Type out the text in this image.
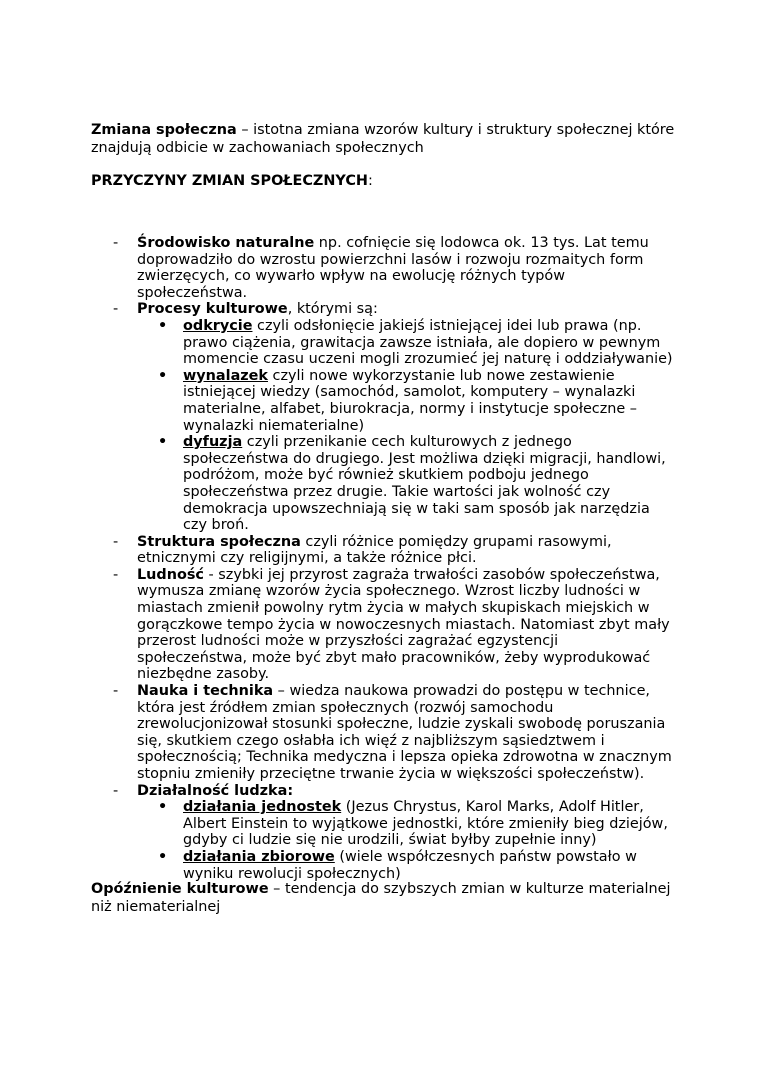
Zmiana społeczna – istotna zmiana wzorów kultury i struktury społecznej które znajdują odbicie w zachowaniach społecznych

PRZYCZYNY ZMIAN SPOŁECZNYCH:

- Środowisko naturalne np. cofnięcie się lodowca ok. 13 tys. Lat temu doprowadziło do wzrostu powierzchni lasów i rozwoju rozmaitych form zwierzęcych, co wywarło wpływ na ewolucję różnych typów społeczeństwa.
- Procesy kulturowe, którymi są:
• odkrycie czyli odsłonięcie jakiejś istniejącej idei lub prawa (np. prawo ciążenia, grawitacja zawsze istniała, ale dopiero w pewnym momencie czasu uczeni mogli zrozumieć jej naturę i oddziaływanie)
• wynalazek czyli nowe wykorzystanie lub nowe zestawienie istniejącej wiedzy (samochód, samolot, komputery – wynalazki materialne, alfabet, biurokracja, normy i instytucje społeczne – wynalazki niematerialne)
• dyfuzja czyli przenikanie cech kulturowych z jednego społeczeństwa do drugiego. Jest możliwa dzięki migracji, handlowi, podróżom, może być również skutkiem podboju jednego społeczeństwa przez drugie. Takie wartości jak wolność czy demokracja upowszechniają się w taki sam sposób jak narzędzia czy broń.
- Struktura społeczna czyli różnice pomiędzy grupami rasowymi, etnicznymi czy religijnymi, a także różnice płci.
- Ludność - szybki jej przyrost zagraża trwałości zasobów społeczeństwa, wymusza zmianę wzorów życia społecznego. Wzrost liczby ludności w miastach zmienił powolny rytm życia w małych skupiskach miejskich w gorączkowe tempo życia w nowoczesnych miastach. Natomiast zbyt mały przerost ludności może w przyszłości zagrażać egzystencji społeczeństwa, może być zbyt mało pracowników, żeby wyprodukować niezbędne zasoby.
- Nauka i technika – wiedza naukowa prowadzi do postępu w technice, która jest źródłem zmian społecznych (rozwój samochodu zrewolucjonizował stosunki społeczne, ludzie zyskali swobodę poruszania się, skutkiem czego osłabła ich więź z najbliższym sąsiedztwem i społecznością; Technika medyczna i lepsza opieka zdrowotna w znacznym stopniu zmieniły przeciętne trwanie życia w większości społeczeństw).
- Działalność ludzka:
• działania jednostek (Jezus Chrystus, Karol Marks, Adolf Hitler, Albert Einstein to wyjątkowe jednostki, które zmieniły bieg dziejów, gdyby ci ludzie się nie urodzili, świat byłby zupełnie inny)
• działania zbiorowe (wiele współczesnych państw powstało w wyniku rewolucji społecznych)

Opóźnienie kulturowe – tendencja do szybszych zmian w kulturze materialnej niż niematerialnej
